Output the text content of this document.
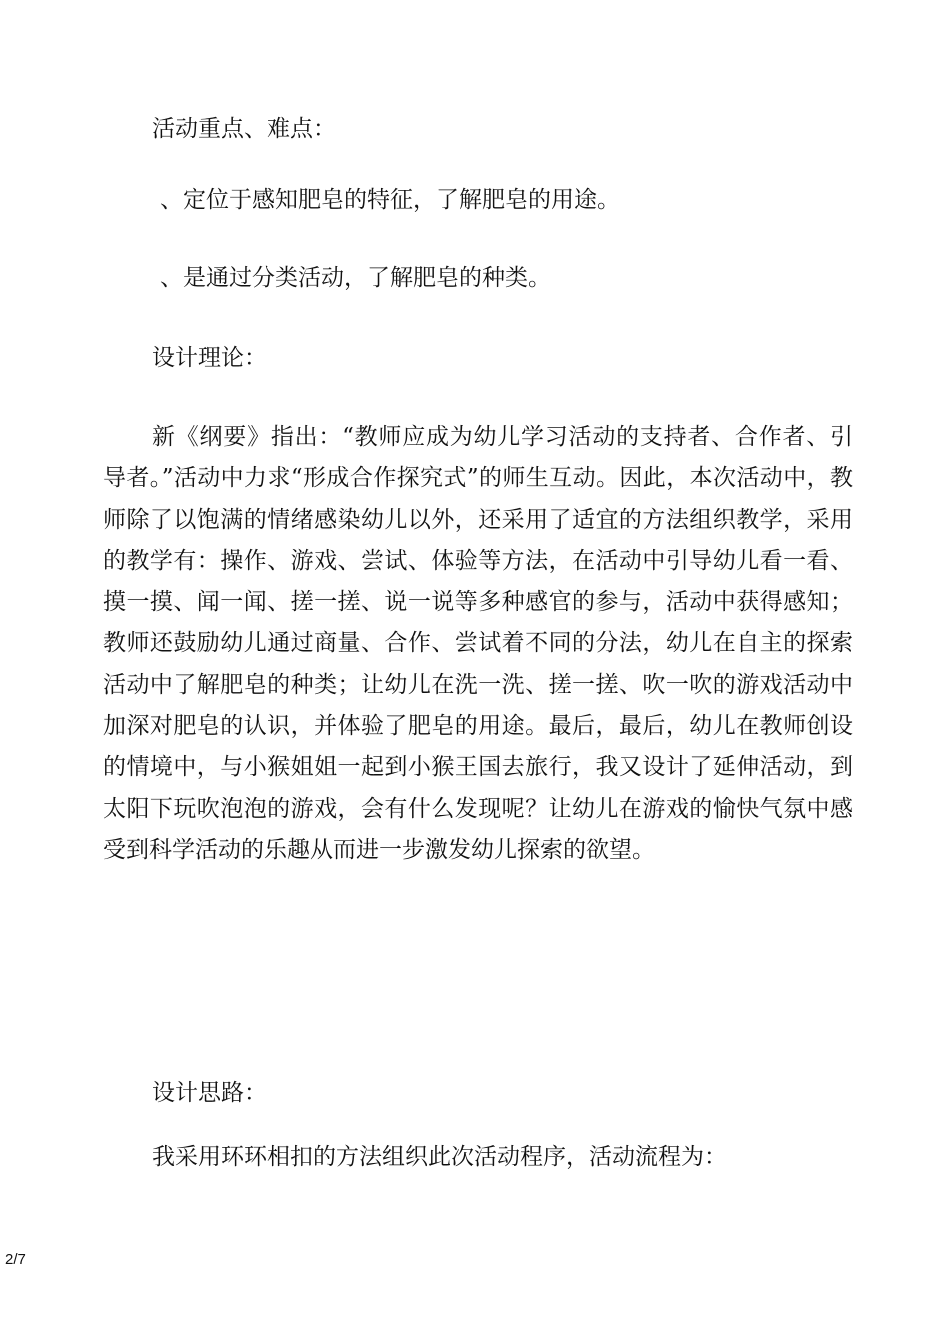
活动重点、难点：
、定位于感知肥皂的特征，了解肥皂的用途。
、是通过分类活动，了解肥皂的种类。
设计理论：
新《纲要》指出：“教师应成为幼儿学习活动的支持者、合作者、引导者。”活动中力求“形成合作探究式”的师生互动。因此，本次活动中，教师除了以饱满的情绪感染幼儿以外，还采用了适宜的方法组织教学，采用的教学有：操作、游戏、尝试、体验等方法，在活动中引导幼儿看一看、摸一摸、闻一闻、搓一搓、说一说等多种感官的参与，活动中获得感知；教师还鼓励幼儿通过商量、合作、尝试着不同的分法，幼儿在自主的探索活动中了解肥皂的种类；让幼儿在洗一洗、搓一搓、吹一吹的游戏活动中加深对肥皂的认识，并体验了肥皂的用途。最后，最后，幼儿在教师创设的情境中，与小猴姐姐一起到小猴王国去旅行，我又设计了延伸活动，到太阳下玩吹泡泡的游戏，会有什么发现呢？让幼儿在游戏的愉快气氛中感受到科学活动的乐趣从而进一步激发幼儿探索的欲望。
设计思路：
我采用环环相扣的方法组织此次活动程序，活动流程为：
2/7
